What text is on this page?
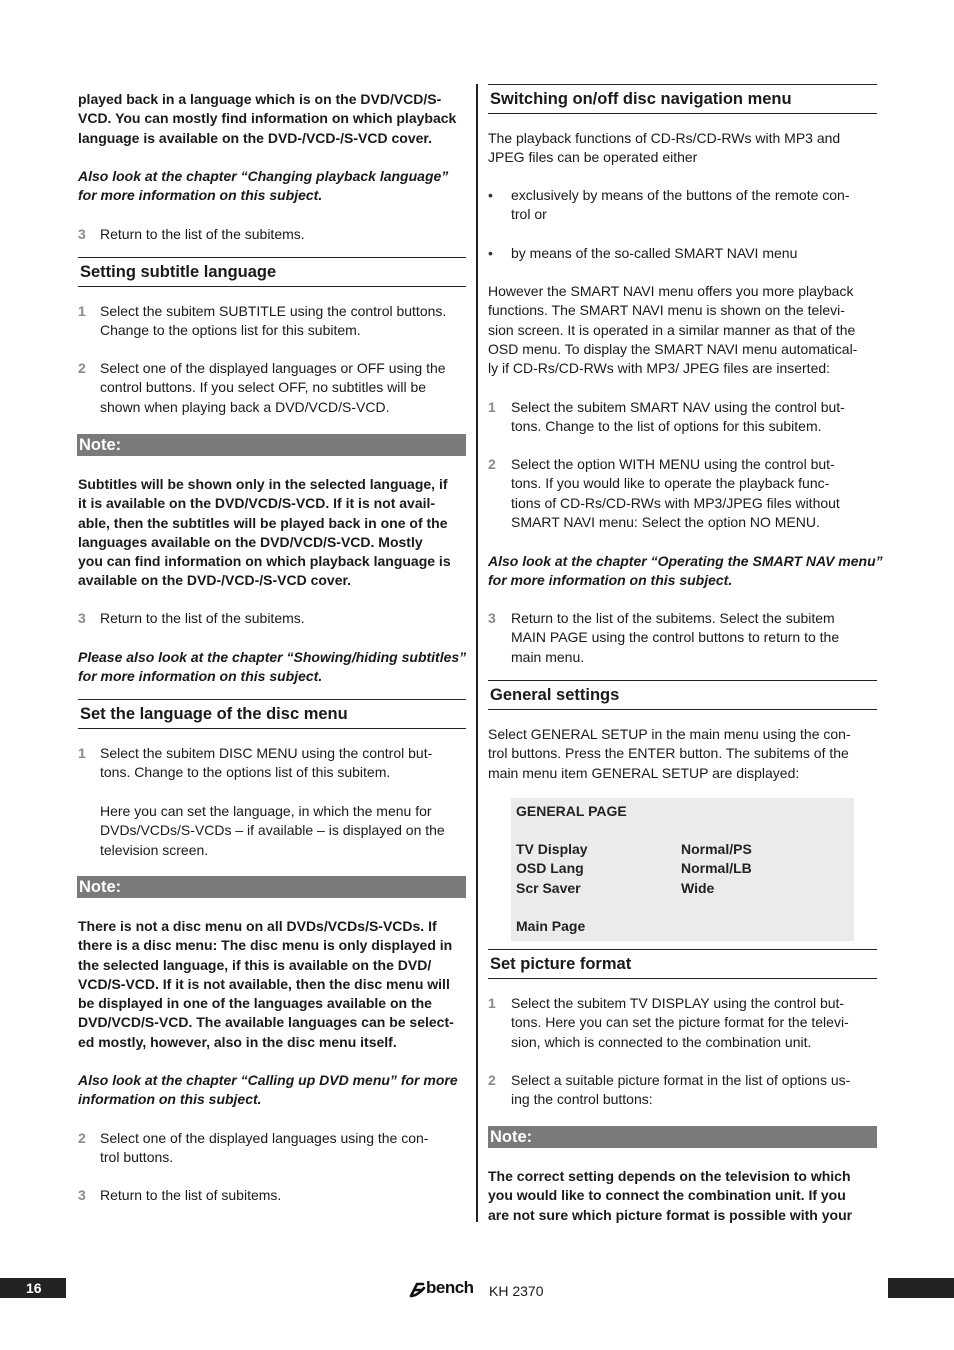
played back in a language which is on the DVD/VCD/S-
VCD. You can mostly find information on which playback
language is available on the DVD-/VCD-/S-VCD cover.
Also look at the chapter “Changing playback language”
for more information on this subject.
3 Return to the list of the subitems.
Setting subtitle language
1 Select the subitem SUBTITLE using the control buttons.
Change to the options list for this subitem.
2 Select one of the displayed languages or OFF using the
control buttons. If you select OFF, no subtitles will be
shown when playing back a DVD/VCD/S-VCD.
Note:
Subtitles will be shown only in the selected language, if
it is available on the DVD/VCD/S-VCD. If it is not avail-
able, then the subtitles will be played back in one of the
languages available on the DVD/VCD/S-VCD. Mostly
you can find information on which playback language is
available on the DVD-/VCD-/S-VCD cover.
3 Return to the list of the subitems.
Please also look at the chapter “Showing/hiding subtitles”
for more information on this subject.
Set the language of the disc menu
1 Select the subitem DISC MENU using the control but-
tons. Change to the options list of this subitem.
Here you can set the language, in which the menu for
DVDs/VCDs/S-VCDs – if available – is displayed on the
television screen.
Note:
There is not a disc menu on all DVDs/VCDs/S-VCDs. If
there is a disc menu: The disc menu is only displayed in
the selected language, if this is available on the DVD/
VCD/S-VCD. If it is not available, then the disc menu will
be displayed in one of the languages available on the
DVD/VCD/S-VCD. The available languages can be select-
ed mostly, however, also in the disc menu itself.
Also look at the chapter “Calling up DVD menu” for more
information on this subject.
2 Select one of the displayed languages using the con-
trol buttons.
3 Return to the list of subitems.
Switching on/off disc navigation menu
The playback functions of CD-Rs/CD-RWs with MP3 and
JPEG files can be operated either
• exclusively by means of the buttons of the remote con-
trol or
• by means of the so-called SMART NAVI menu
However the SMART NAVI menu offers you more playback
functions. The SMART NAVI menu is shown on the televi-
sion screen. It is operated in a similar manner as that of the
OSD menu. To display the SMART NAVI menu automatical-
ly if CD-Rs/CD-RWs with MP3/ JPEG files are inserted:
1 Select the subitem SMART NAV using the control but-
tons. Change to the list of options for this subitem.
2 Select the option WITH MENU using the control but-
tons. If you would like to operate the playback func-
tions of CD-Rs/CD-RWs with MP3/JPEG files without
SMART NAVI menu: Select the option NO MENU.
Also look at the chapter “Operating the SMART NAV menu”
for more information on this subject.
3 Return to the list of the subitems. Select the subitem
MAIN PAGE using the control buttons to return to the
main menu.
General settings
Select GENERAL SETUP in the main menu using the con-
trol buttons. Press the ENTER button. The subitems of the
main menu item GENERAL SETUP are displayed:
GENERAL PAGE
TV Display	Normal/PS
OSD Lang	Normal/LB
Scr Saver	Wide
Main Page
Set picture format
1 Select the subitem TV DISPLAY using the control but-
tons. Here you can set the picture format for the televi-
sion, which is connected to the combination unit.
2 Select a suitable picture format in the list of options us-
ing the control buttons:
Note:
The correct setting depends on the television to which
you would like to connect the combination unit. If you
are not sure which picture format is possible with your
16	bench KH 2370
